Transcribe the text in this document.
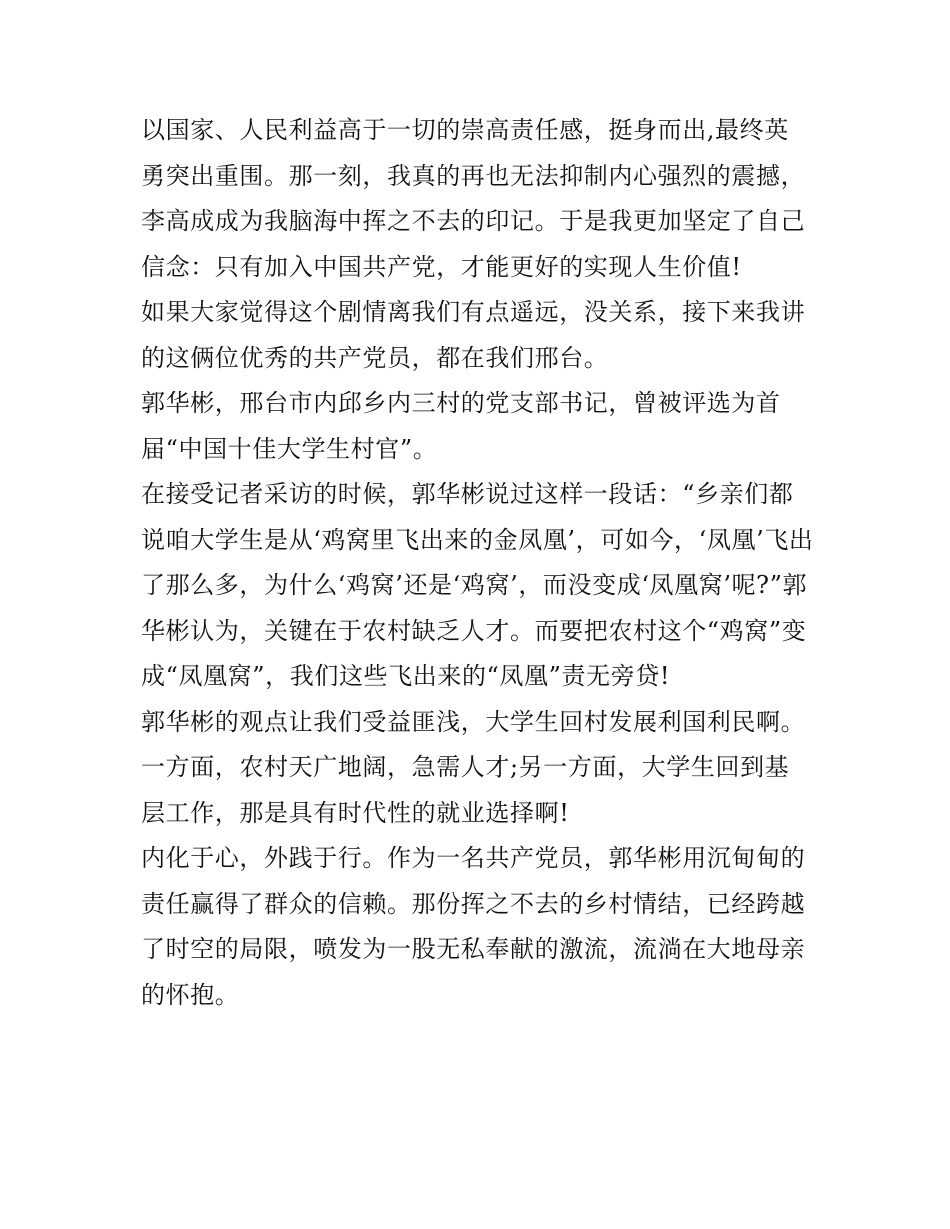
以国家、人民利益高于一切的崇高责任感，挺身而出,最终英
勇突出重围。那一刻，我真的再也无法抑制内心强烈的震撼，
李高成成为我脑海中挥之不去的印记。于是我更加坚定了自己
信念：只有加入中国共产党，才能更好的实现人生价值!
如果大家觉得这个剧情离我们有点遥远，没关系，接下来我讲
的这俩位优秀的共产党员，都在我们邢台。
郭华彬，邢台市内邱乡内三村的党支部书记，曾被评选为首
届“中国十佳大学生村官”。
在接受记者采访的时候，郭华彬说过这样一段话：“乡亲们都
说咱大学生是从‘鸡窝里飞出来的金凤凰’，可如今，‘凤凰’飞出
了那么多，为什么‘鸡窝’还是‘鸡窝’，而没变成‘凤凰窝’呢?”郭
华彬认为，关键在于农村缺乏人才。而要把农村这个“鸡窝”变
成“凤凰窝”，我们这些飞出来的“凤凰”责无旁贷!
郭华彬的观点让我们受益匪浅，大学生回村发展利国利民啊。
一方面，农村天广地阔，急需人才;另一方面，大学生回到基
层工作，那是具有时代性的就业选择啊!
内化于心，外践于行。作为一名共产党员，郭华彬用沉甸甸的
责任赢得了群众的信赖。那份挥之不去的乡村情结，已经跨越
了时空的局限，喷发为一股无私奉献的激流，流淌在大地母亲
的怀抱。
